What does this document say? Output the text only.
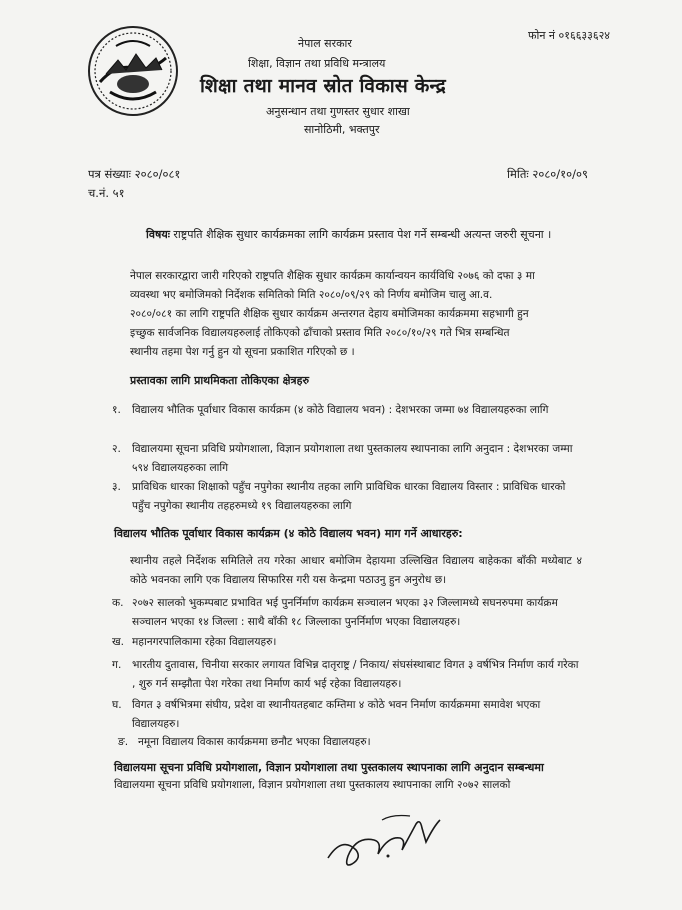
नेपाल सरकार
शिक्षा, विज्ञान तथा प्रविधि मन्त्रालय
शिक्षा तथा मानव स्रोत विकास केन्द्र
अनुसन्धान तथा गुणस्तर सुधार शाखा
सानोठिमी, भक्तपुर
फोन नं ०१६६३३६२४
पत्र संख्याः २०८०/०८१	मितिः २०८०/१०/०९
च.नं. ५१
विषयः राष्ट्रपति शैक्षिक सुधार कार्यक्रमका लागि कार्यक्रम प्रस्ताव पेश गर्ने सम्बन्धी अत्यन्त जरुरी सूचना ।
नेपाल सरकारद्वारा जारी गरिएको राष्ट्रपति शैक्षिक सुधार कार्यक्रम कार्यान्वयन कार्यविधि २०७६ को दफा ३ मा
व्यवस्था भए बमोजिमको निर्देशक समितिको मिति २०८०/०९/२९ को निर्णय बमोजिम चालु आ.व.
२०८०/०८१ का लागि राष्ट्रपति शैक्षिक सुधार कार्यक्रम अन्तरगत देहाय बमोजिमका कार्यक्रममा सहभागी हुन
इच्छुक सार्वजनिक विद्यालयहरुलाई तोकिएको ढाँचाको प्रस्ताव मिति २०८०/१०/२९ गते भित्र सम्बन्धित
स्थानीय तहमा पेश गर्नु हुन यो सूचना प्रकाशित गरिएको छ ।
प्रस्तावका लागि प्राथमिकता तोकिएका क्षेत्रहरु
१. विद्यालय भौतिक पूर्वाधार विकास कार्यक्रम (४ कोठे विद्यालय भवन) : देशभरका जम्मा ७४ विद्यालयहरुका लागि
२. विद्यालयमा सूचना प्रविधि प्रयोगशाला, विज्ञान प्रयोगशाला तथा पुस्तकालय स्थापनाका लागि अनुदान : देशभरका जम्मा ५९४ विद्यालयहरुका लागि
३. प्राविधिक धारका शिक्षाको पहुँच नपुगेका स्थानीय तहका लागि प्राविधिक धारका विद्यालय विस्तार : प्राविधिक धारको पहुँच नपुगेका स्थानीय तहहरुमध्ये १९ विद्यालयहरुका लागि
विद्यालय भौतिक पूर्वाधार विकास कार्यक्रम (४ कोठे विद्यालय भवन) माग गर्ने आधारहरु:
स्थानीय तहले निर्देशक समितिले तय गरेका आधार बमोजिम देहायमा उल्लिखित विद्यालय बाहेकका बाँकी मध्येबाट ४ कोठे भवनका लागि एक विद्यालय सिफारिस गरी यस केन्द्रमा पठाउनु हुन अनुरोध छ।
क. २०७२ सालको भुकम्पबाट प्रभावित भई पुनर्निर्माण कार्यक्रम सञ्चालन भएका ३२ जिल्लामध्ये सघनरुपमा कार्यक्रम सञ्चालन भएका १४ जिल्ला : साथै बाँकी १८ जिल्लाका पुनर्निर्माण भएका विद्यालयहरु।
ख. महानगरपालिकामा रहेका विद्यालयहरु।
ग. भारतीय दुतावास, चिनीया सरकार लगायत विभिन्न दातृराष्ट्र / निकाय/ संघसंस्थाबाट विगत ३ वर्षभित्र निर्माण कार्य गरेका , शुरु गर्न सम्झौता पेश गरेका तथा निर्माण कार्य भई रहेका विद्यालयहरु।
घ. विगत ३ वर्षभित्रमा संघीय, प्रदेश वा स्थानीयतहबाट कम्तिमा ४ कोठे भवन निर्माण कार्यक्रममा समावेश भएका विद्यालयहरु।
ङ. नमूना विद्यालय विकास कार्यक्रममा छनौट भएका विद्यालयहरु।
विद्यालयमा सूचना प्रविधि प्रयोगशाला, विज्ञान प्रयोगशाला तथा पुस्तकालय स्थापनाका लागि अनुदान सम्बन्धमा
विद्यालयमा सूचना प्रविधि प्रयोगशाला, विज्ञान प्रयोगशाला तथा पुस्तकालय स्थापनाका लागि २०७२ सालको
